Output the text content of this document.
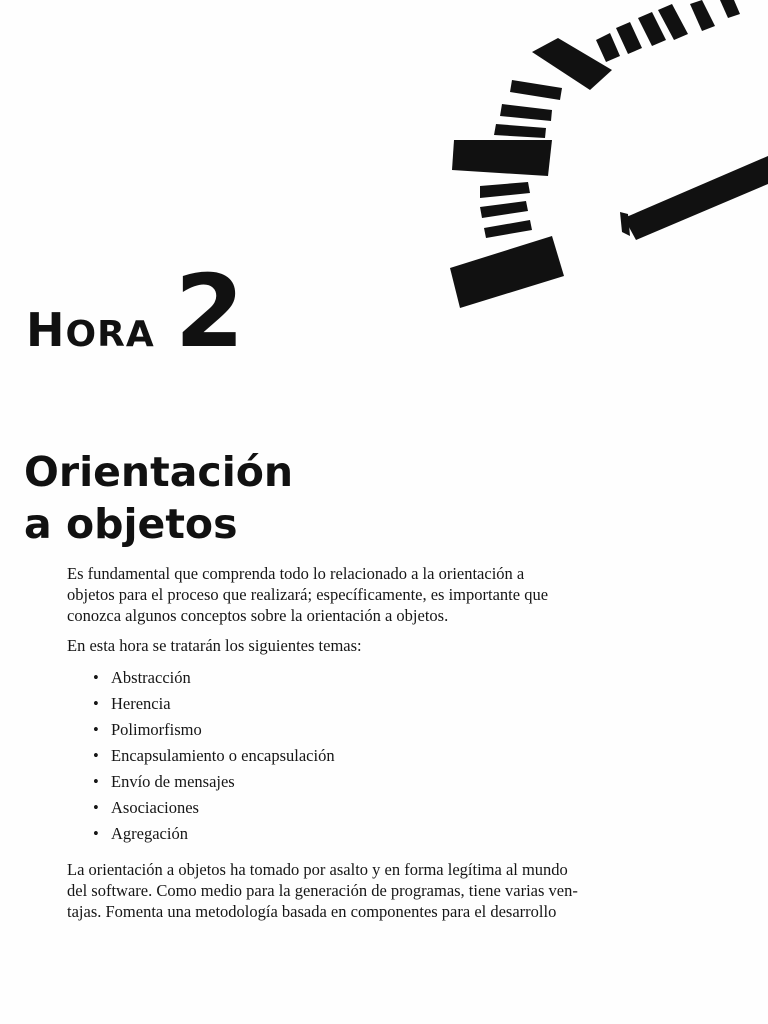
HORA 2
Orientación
a objetos

Es fundamental que comprenda todo lo relacionado a la orientación a
objetos para el proceso que realizará; específicamente, es importante que
conozca algunos conceptos sobre la orientación a objetos.

En esta hora se tratarán los siguientes temas:

• Abstracción
• Herencia
• Polimorfismo
• Encapsulamiento o encapsulación
• Envío de mensajes
• Asociaciones
• Agregación

La orientación a objetos ha tomado por asalto y en forma legítima al mundo
del software. Como medio para la generación de programas, tiene varias ven-
tajas. Fomenta una metodología basada en componentes para el desarrollo
